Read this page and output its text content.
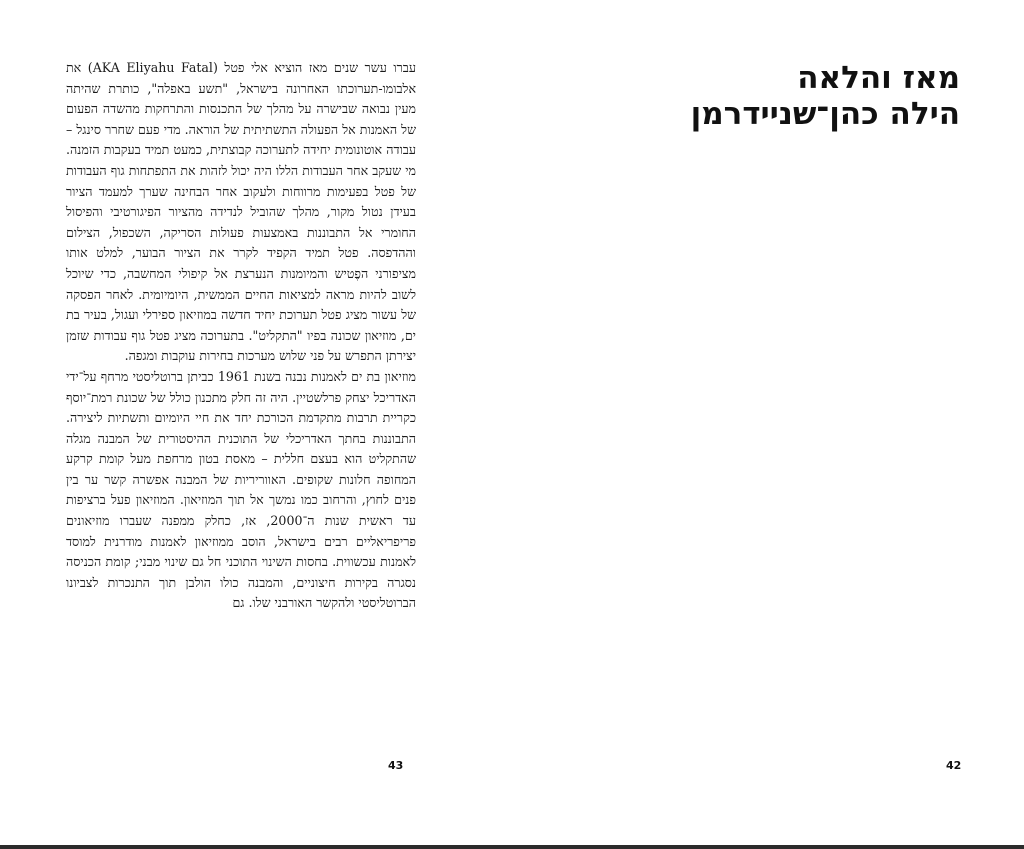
עברו עשר שנים מאז הוציא אלי פטל (AKA Eliyahu Fatal) את אלבומו-תערוכתו האחרונה בישראל, "תשע באפלה", כותרת שהיתה מעין נבואה שבישרה על מהלך של התכנסות והתרחקות מהשדה הפעום של האמנות אל הפעולה התשתיתית של הוראה. מדי פעם שחרר סינגל – עבודה אוטונומית יחידה לתערוכה קבוצתית, כמעט תמיד בעקבות הזמנה. מי שעקב אחר העבודות הללו היה יכול לזהות את התפתחות גוף העבודות של פטל בפעימות מרווחות ולעקוב אחר הבחינה שערך למעמד הציור בעידן נטול מקור, מהלך שהוביל לנדידה מהציור הפיגורטיבי והפיסול החומרי אל התבוננות באמצעות פעולות הסריקה, השכפול, הצילום וההדפסה. פטל תמיד הקפיד לקרר את הציור הבוער, למלט אותו מציפורני הפֶטיש והמיומנות הנערצת אל קיפולי המחשבה, כדי שיוכל לשוב להיות מראה למציאות החיים הממשית, היומיומית. לאחר הפסקה של עשור מציג פטל תערוכת יחיד חדשה במוזיאון ספירלי ועגול, בעיר בת ים, מוזיאון שכונה בפיו "התקליט". בתערוכה מציג פטל גוף עבודות שזמן יצירתן התפרש על פני שלוש מערכות בחירות עוקבות ומגפה.

מוזיאון בת ים לאמנות נבנה בשנת 1961 כביתן ברוטליסטי מרחף על־ידי האדריכל יצחק פרלשטיין. היה זה חלק מתכנון כולל של שכונת רמת־יוסף כקריית תרבות מתקדמת הכורכת יחד את חיי היומיום ותשתיות ליצירה. התבוננות בחתך האדריכלי של התוכנית ההיסטורית של המבנה מגלה שהתקליט הוא בעצם חללית – מאסת בטון מרחפת מעל קומת קרקע המחופה חלונות שקופים. האווריריות של המבנה אפשרה קשר ער בין פנים לחוץ, והרחוב כמו נמשך אל תוך המוזיאון. המוזיאון פעל ברציפות עד ראשית שנות ה־2000, אז, כחלק ממפנה שעברו מוזיאונים פריפריאליים רבים בישראל, הוסב ממוזיאון לאמנות מודרנית למוסד לאמנות עכשווית. בחסות השינוי התוכני חל גם שינוי מבני; קומת הכניסה נסגרה בקירות חיצוניים, והמבנה כולו הולבן תוך התנכרות לצביונו הברוטליסטי ולהקשר האורבני שלו. גם

43
מאז והלאה
הילה כהן־שניידרמן
42
